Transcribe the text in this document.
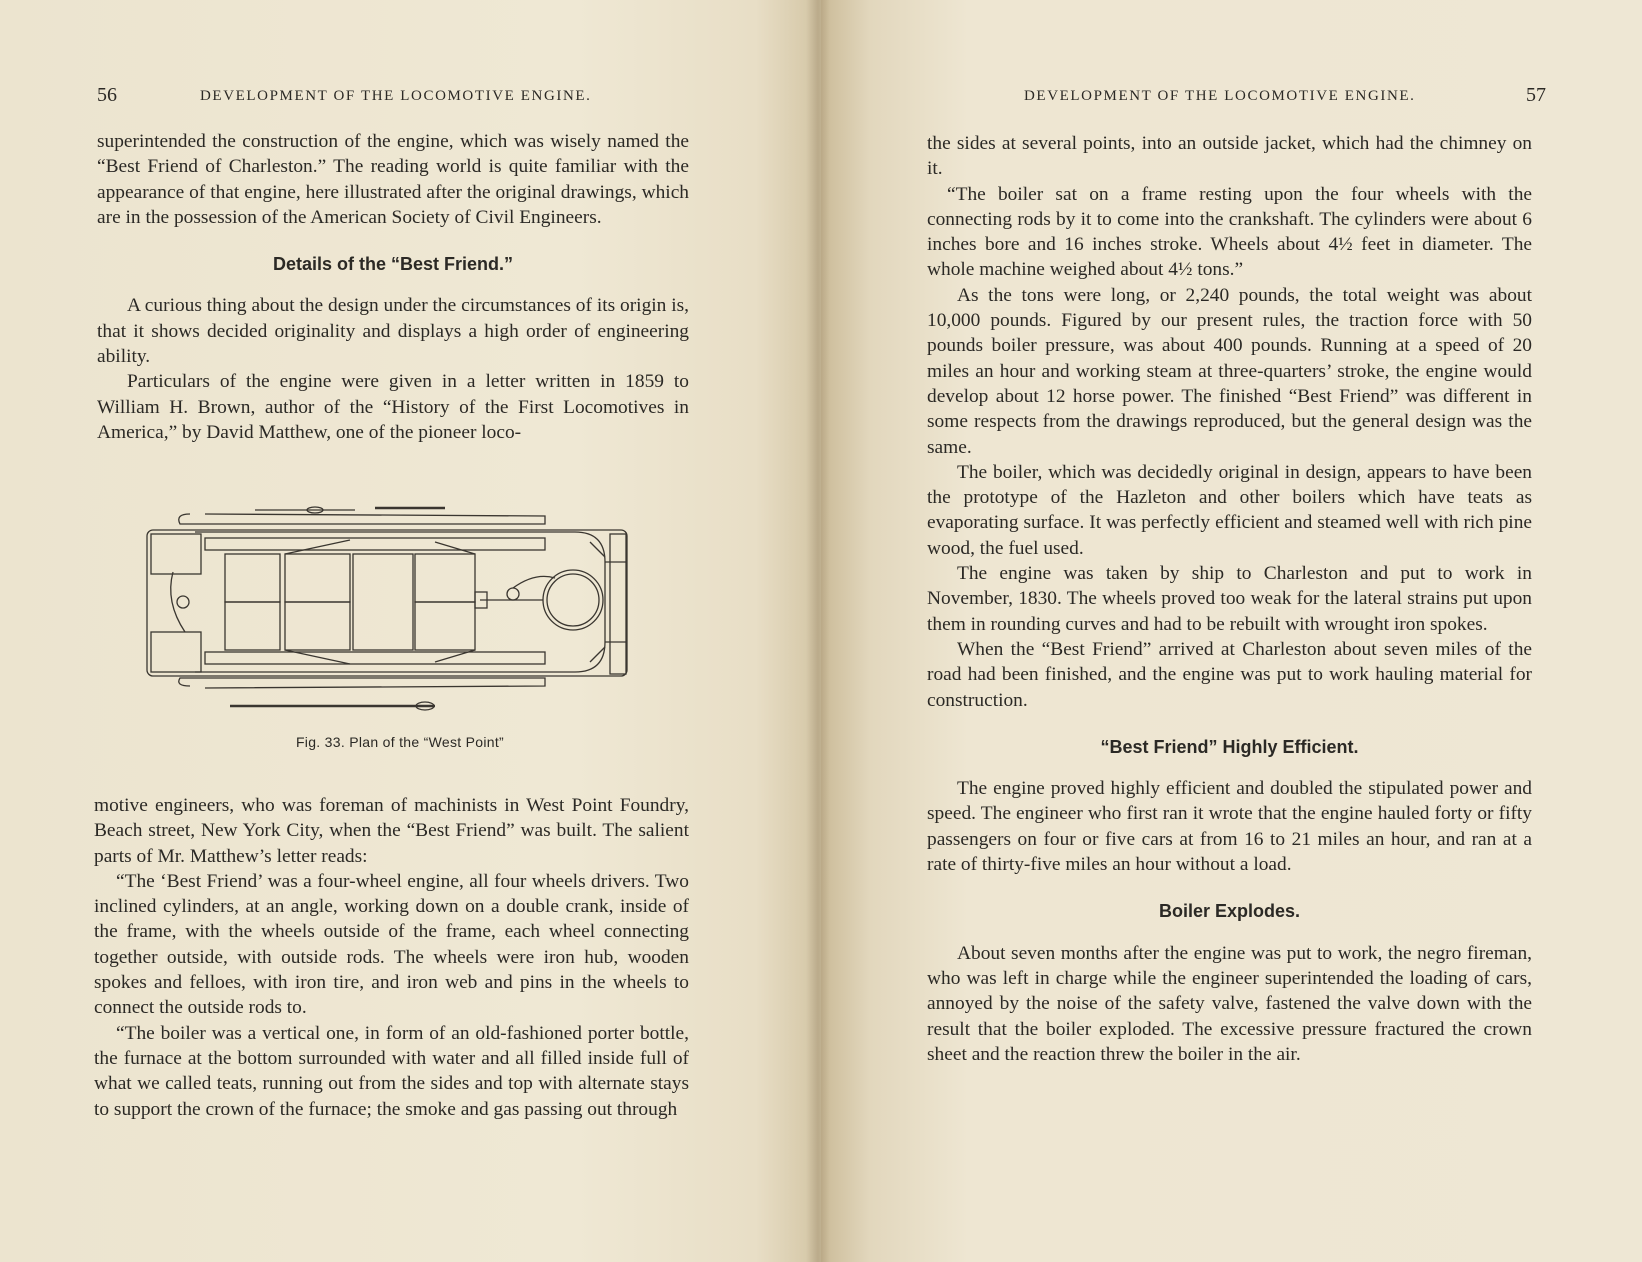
56	DEVELOPMENT OF THE LOCOMOTIVE ENGINE.

superintended the construction of the engine, which was wisely named the “Best Friend of Charleston.” The reading world is quite familiar with the appearance of that engine, here illustrated after the original drawings, which are in the possession of the American Society of Civil Engineers.

Details of the “Best Friend.”

A curious thing about the design under the circumstances of its origin is, that it shows decided originality and displays a high order of engineering ability.

Particulars of the engine were given in a letter written in 1859 to William H. Brown, author of the “History of the First Locomotives in America,” by David Matthew, one of the pioneer loco-

Fig. 33. Plan of the “West Point”

motive engineers, who was foreman of machinists in West Point Foundry, Beach street, New York City, when the “Best Friend” was built. The salient parts of Mr. Matthew’s letter reads:

“The ‘Best Friend’ was a four-wheel engine, all four wheels drivers. Two inclined cylinders, at an angle, working down on a double crank, inside of the frame, with the wheels outside of the frame, each wheel connecting together outside, with outside rods. The wheels were iron hub, wooden spokes and felloes, with iron tire, and iron web and pins in the wheels to connect the outside rods to.

“The boiler was a vertical one, in form of an old-fashioned porter bottle, the furnace at the bottom surrounded with water and all filled inside full of what we called teats, running out from the sides and top with alternate stays to support the crown of the furnace; the smoke and gas passing out through

DEVELOPMENT OF THE LOCOMOTIVE ENGINE.	57

the sides at several points, into an outside jacket, which had the chimney on it.

“The boiler sat on a frame resting upon the four wheels with the connecting rods by it to come into the crankshaft. The cylinders were about 6 inches bore and 16 inches stroke. Wheels about 4½ feet in diameter. The whole machine weighed about 4½ tons.”

As the tons were long, or 2,240 pounds, the total weight was about 10,000 pounds. Figured by our present rules, the traction force with 50 pounds boiler pressure, was about 400 pounds. Running at a speed of 20 miles an hour and working steam at three-quarters’ stroke, the engine would develop about 12 horse power. The finished “Best Friend” was different in some respects from the drawings reproduced, but the general design was the same.

The boiler, which was decidedly original in design, appears to have been the prototype of the Hazleton and other boilers which have teats as evaporating surface. It was perfectly efficient and steamed well with rich pine wood, the fuel used.

The engine was taken by ship to Charleston and put to work in November, 1830. The wheels proved too weak for the lateral strains put upon them in rounding curves and had to be rebuilt with wrought iron spokes.

When the “Best Friend” arrived at Charleston about seven miles of the road had been finished, and the engine was put to work hauling material for construction.

“Best Friend” Highly Efficient.

The engine proved highly efficient and doubled the stipulated power and speed. The engineer who first ran it wrote that the engine hauled forty or fifty passengers on four or five cars at from 16 to 21 miles an hour, and ran at a rate of thirty-five miles an hour without a load.

Boiler Explodes.

About seven months after the engine was put to work, the negro fireman, who was left in charge while the engineer superintended the loading of cars, annoyed by the noise of the safety valve, fastened the valve down with the result that the boiler exploded. The excessive pressure fractured the crown sheet and the reaction threw the boiler in the air.
